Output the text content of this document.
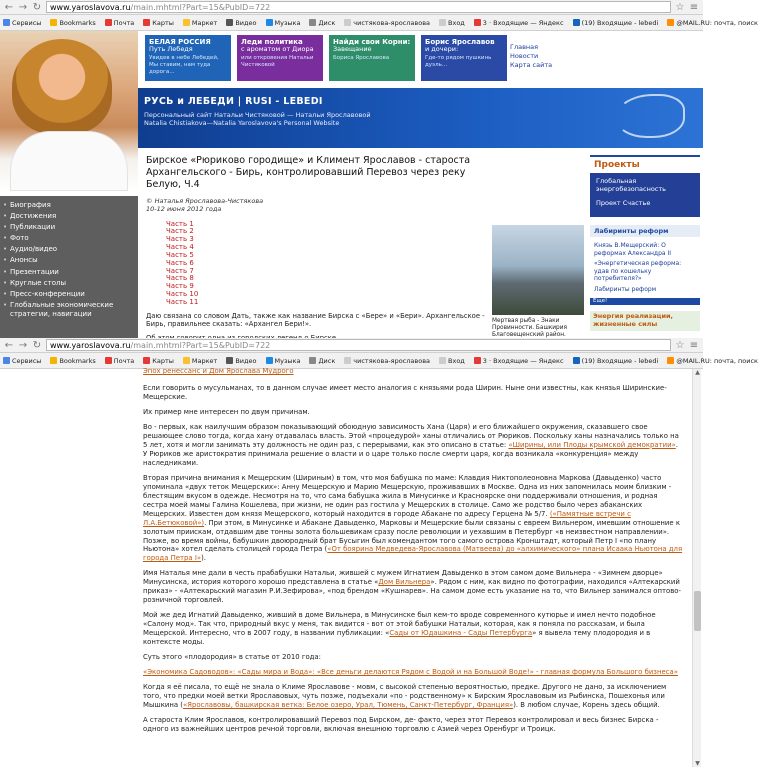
← → ↻ www.yaroslavova.ru /main.mhtml?Part=15&PubID=722	☆ ≡
Сервисы	Bookmarks	Почта	Карты	Маркет	Видео	Музыка	Диск	чистякова-ярославова	Вход	3 · Входящие — Яндекс	(19) Входящие - lebedi	@MAIL.RU: почта, поиск
БЕЛАЯ РОССИЯ
Путь Лебедя
Увидев в небе Лебедей, Мы ставим, нам туда дорога...
Леди политика
с ароматом от Диора
или откровения Натальи Чистяковой
Найди свои Корни:
Завещание
Бориса Ярославова
Борис Ярославов
и дочери:
Где-то рядом пушкинь дуэль...
Главная
Новости
Карта сайта
РУСЬ и ЛЕБЕДИ | RUSI - LEBEDI
Персональный сайт Натальи Чистяковой — Натальи Ярославовой
Natalia Chistiakova—Natalia Yaroslavova's Personal Website
• Биография
• Достижения
• Публикации
• Фото
• Аудио/видео
• Анонсы
• Презентации
• Круглые столы
• Пресс-конференции
• Глобальные экономические стратегии, навигации
Бирское «Рюриково городище» и Климент Ярославов - староста Архангельского - Бирь, контролировавший Перевоз через реку Белую, Ч.4
© Наталья Ярославова-Чистякова
10-12 июня 2012 года
Часть 1
Часть 2
Часть 3
Часть 4
Часть 5
Часть 6
Часть 7
Часть 8
Часть 9
Часть 10
Часть 11
Даю связана со словом Дать, также как название Бирска с «Бере» и «Бери». Архангельское - Бирь, правильнее сказать: «Архангел Бери!».	Мертвая рыба - Знаки Провинности. Башкирия Благовещенский район.
Проекты
Глобальная энергобезопасность
Проект Счастье
Лабиринты реформ
Князь В.Мещерский: О реформах Александра II
«Энергетическая реформа: удав по кошелькy потребителя?»
Лабиринты реформ
Еще!
Энергия реализации, жизненные силы
← → ↻ www.yaroslavova.ru /main.mhtml?Part=15&PubID=722	☆ ≡
Сервисы	Bookmarks	Почта	Карты	Маркет	Видео	Музыка	Диск	чистякова-ярославова	Вход	3 · Входящие — Яндекс	(19) Входящие - lebedi	@MAIL.RU: почта, поиск
Эпох ренессанс и Дом Ярослава Мудрого

Если говорить о мусульманах, то в данном случае имеет место аналогия с князьями рода Ширин. Ныне они известны, как князья Ширинские-Мещерские.

Их пример мне интересен по двум причинам.

Во - первых, как наилучшим образом показывающий обоюдную зависимость Хана (Царя) и его ближайшего окружения, сказавшего свое решающее слово тогда, когда хану отдавалась власть. Этой «процедурой» ханы отличались от Рюриков. Поскольку ханы назначались только на 5 лет, хотя и могли занимать эту должность не один раз, с перерывами, как это описано в статье: «Ширины, или Плоды крымской демократии». У Рюриков же аристократия принимала решение о власти и о царе только после смерти царя, когда возникала «конкуренция» между наследниками.

Вторая причина внимания к Мещерским (Шириным) в том, что моя бабушка по маме: Клавдия Никтополеоновна Маркова (Давыденко) часто упоминала «двух теток Мещерских»: Анну Мещерскую и Марию Мещерскую, проживавших в Москве. Одна из них запомнилась моим близким - блестящим вкусом в одежде. Несмотря на то, что сама бабушка жила в Минусинке и Красноярске они поддерживали отношения, и родная сестра моей мамы Галина Кошелева, при жизни, не один раз гостила у Мещерских в столице. Само же родство было через абаканских Мещерских. Известен дом князя Мещерского, который находится в городе Абакане по адресу Герцена № 5/7. («Памятные встречи с Л.А.Бетюковой»). При этом, в Минусинке и Абакане Давыденко, Марковы и Мещерские были связаны с евреем Вильнером, имевшим отношение к золотым приискам, отдавшим две тонны золота большевикам сразу после революции и уехавшим в Петербург «в неизвестном направлении». Позже, во время войны, бабушкин двоюродный брат Бусыгин был комендантом того самого острова Кронштадт, который Петр I «по плану Ньютона» хотел сделать столицей города Петра («От боярина Медведева-Ярославова (Матвеева) до «алхимического» плана Исаака Ньютона для города Петра I»).

Имя Наталья мне дали в честь прабабушки Натальи, жившей с мужем Игнатием Давыденко в этом самом доме Вильнера - «Зимнем дворце» Минусинска, история которого хорошо представлена в статье «Дом Вильнера». Рядом с ним, как видно по фотографии, находился «Алтекарский приказ» - «Алтекарьский магазин Р.И.Зефирова», «под брендом «Кушнарев». На самом доме есть указание на то, что Вильнер занимался оптово-розничной торговлей.

Мой же дед Игнатий Давыденко, живший в доме Вильнера, в Минусинске был кем-то вроде современного кутюрье и имел нечто подобное «Салону мод». Так что, природный вкус у меня, так видится - вот от этой бабушки Натальи, которая, как я поняла по рассказам, и была Мещерской. Интересно, что в 2007 году, в названии публикации: «Сады от Юдашкина - Сады Петербурга» я вывела тему плодородия и в контексте моды.

Суть этого «плодородия» в статье от 2010 года:

«Экономика Садоводов»: «Сады мира и Вода»: «Все деньги делаются Рядом с Водой и на Большой Воде!» - главная формула Большого бизнеса»

Когда я её писала, то ещё не знала о Климе Ярославове - мовм, с высокой степенью вероятностью, предке. Другого не дано, за исключением того, что предки моей ветки Ярославовых, чуть позже, подъехали «по - родственному» к Бирским Ярославовым из Рыбинска, Пошехонья или Мышкина («Ярославовы, башкирская ветка: Белое озеро, Урал, Тюмень, Санкт-Петербург, Франция»). В любом случае, Корень здесь общий.

А староста Клим Ярославов, контролировавший Перевоз под Бирском, де- факто, через этот Перевоз контролировал и весь бизнес Бирска - одного из важнейших центров речной торговли, включая внешнюю торговлю с Азией через Оренбург и Троицк.

▲
▼
